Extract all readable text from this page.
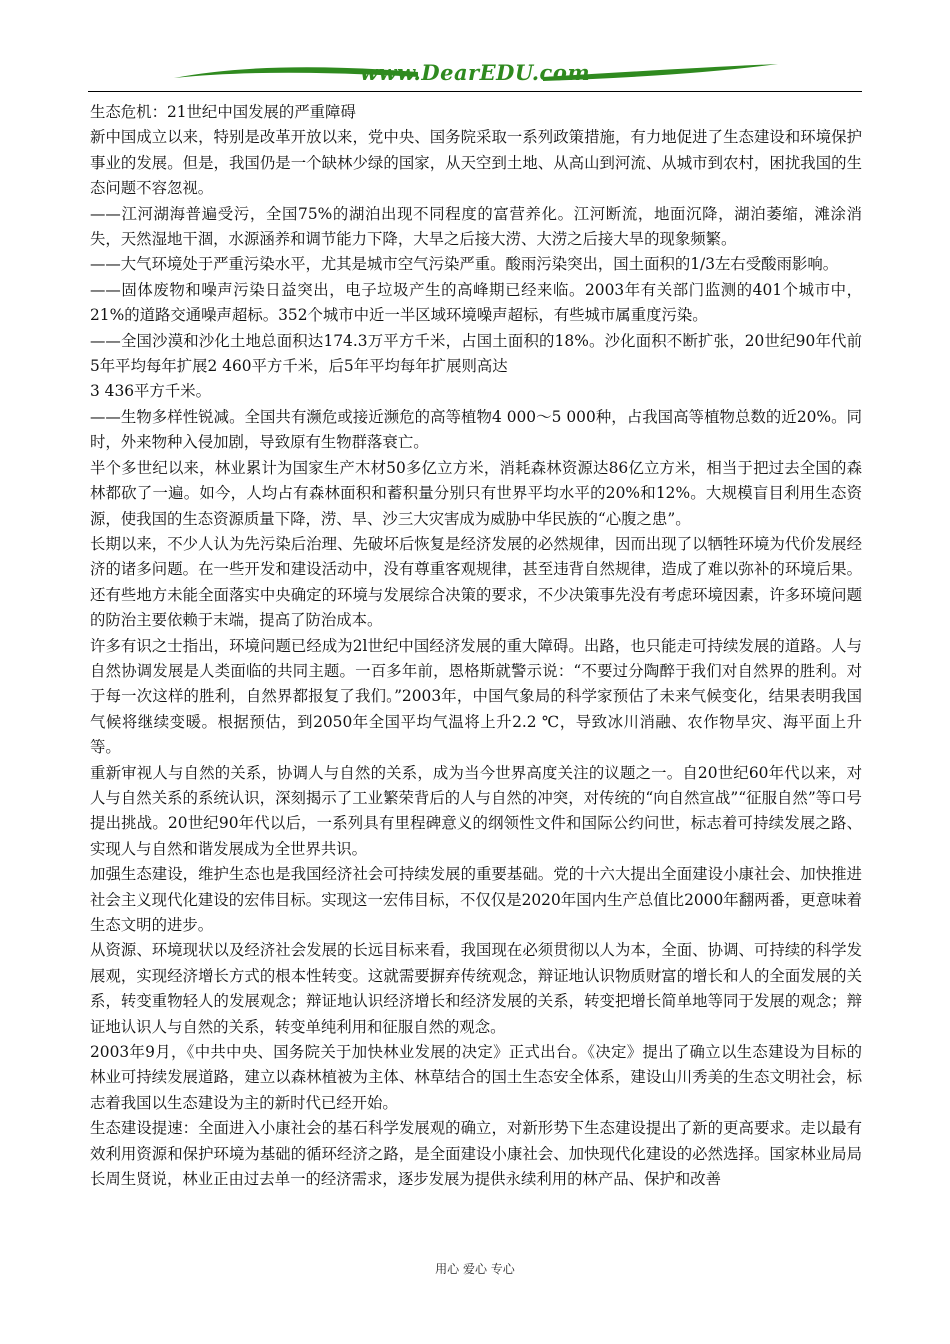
www.DearEDU.com

生态危机：21世纪中国发展的严重障碍

新中国成立以来，特别是改革开放以来，党中央、国务院采取一系列政策措施，有力地促进了生态建设和环境保护事业的发展。但是，我国仍是一个缺林少绿的国家，从天空到土地、从高山到河流、从城市到农村，困扰我国的生态问题不容忽视。

——江河湖海普遍受污，全国75%的湖泊出现不同程度的富营养化。江河断流，地面沉降，湖泊萎缩，滩涂消失，天然湿地干涸，水源涵养和调节能力下降，大旱之后接大涝、大涝之后接大旱的现象频繁。

——大气环境处于严重污染水平，尤其是城市空气污染严重。酸雨污染突出，国土面积的1/3左右受酸雨影响。

——固体废物和噪声污染日益突出，电子垃圾产生的高峰期已经来临。2003年有关部门监测的401个城市中，21%的道路交通噪声超标。352个城市中近一半区域环境噪声超标，有些城市属重度污染。

——全国沙漠和沙化土地总面积达174.3万平方千米，占国土面积的18%。沙化面积不断扩张，20世纪90年代前5年平均每年扩展2 460平方千米，后5年平均每年扩展则高达

3 436平方千米。

——生物多样性锐减。全国共有濒危或接近濒危的高等植物4 000～5 000种，占我国高等植物总数的近20%。同时，外来物种入侵加剧，导致原有生物群落衰亡。

半个多世纪以来，林业累计为国家生产木材50多亿立方米，消耗森林资源达86亿立方米，相当于把过去全国的森林都砍了一遍。如今，人均占有森林面积和蓄积量分别只有世界平均水平的20%和12%。大规模盲目利用生态资源，使我国的生态资源质量下降，涝、旱、沙三大灾害成为威胁中华民族的“心腹之患”。

长期以来，不少人认为先污染后治理、先破坏后恢复是经济发展的必然规律，因而出现了以牺牲环境为代价发展经济的诸多问题。在一些开发和建设活动中，没有尊重客观规律，甚至违背自然规律，造成了难以弥补的环境后果。还有些地方未能全面落实中央确定的环境与发展综合决策的要求，不少决策事先没有考虑环境因素，许多环境问题的防治主要依赖于末端，提高了防治成本。

许多有识之士指出，环境问题已经成为2l世纪中国经济发展的重大障碍。出路，也只能走可持续发展的道路。人与自然协调发展是人类面临的共同主题。一百多年前，恩格斯就警示说：“不要过分陶醉于我们对自然界的胜利。对于每一次这样的胜利，自然界都报复了我们。”2003年，中国气象局的科学家预估了未来气候变化，结果表明我国气候将继续变暖。根据预估，到2050年全国平均气温将上升2.2 ℃，导致冰川消融、农作物旱灾、海平面上升等。

重新审视人与自然的关系，协调人与自然的关系，成为当今世界高度关注的议题之一。自20世纪60年代以来，对人与自然关系的系统认识，深刻揭示了工业繁荣背后的人与自然的冲突，对传统的“向自然宣战”“征服自然”等口号提出挑战。20世纪90年代以后，一系列具有里程碑意义的纲领性文件和国际公约问世，标志着可持续发展之路、实现人与自然和谐发展成为全世界共识。

加强生态建设，维护生态也是我国经济社会可持续发展的重要基础。党的十六大提出全面建设小康社会、加快推进社会主义现代化建设的宏伟目标。实现这一宏伟目标，不仅仅是2020年国内生产总值比2000年翻两番，更意味着生态文明的进步。

从资源、环境现状以及经济社会发展的长远目标来看，我国现在必须贯彻以人为本，全面、协调、可持续的科学发展观，实现经济增长方式的根本性转变。这就需要摒弃传统观念，辩证地认识物质财富的增长和人的全面发展的关系，转变重物轻人的发展观念；辩证地认识经济增长和经济发展的关系，转变把增长简单地等同于发展的观念；辩证地认识人与自然的关系，转变单纯利用和征服自然的观念。

2003年9月，《中共中央、国务院关于加快林业发展的决定》正式出台。《决定》提出了确立以生态建设为目标的林业可持续发展道路，建立以森林植被为主体、林草结合的国土生态安全体系，建设山川秀美的生态文明社会，标志着我国以生态建设为主的新时代已经开始。

生态建设提速：全面进入小康社会的基石科学发展观的确立，对新形势下生态建设提出了新的更高要求。走以最有效利用资源和保护环境为基础的循环经济之路，是全面建设小康社会、加快现代化建设的必然选择。国家林业局局长周生贤说，林业正由过去单一的经济需求，逐步发展为提供永续利用的林产品、保护和改善

用心 爱心 专心
